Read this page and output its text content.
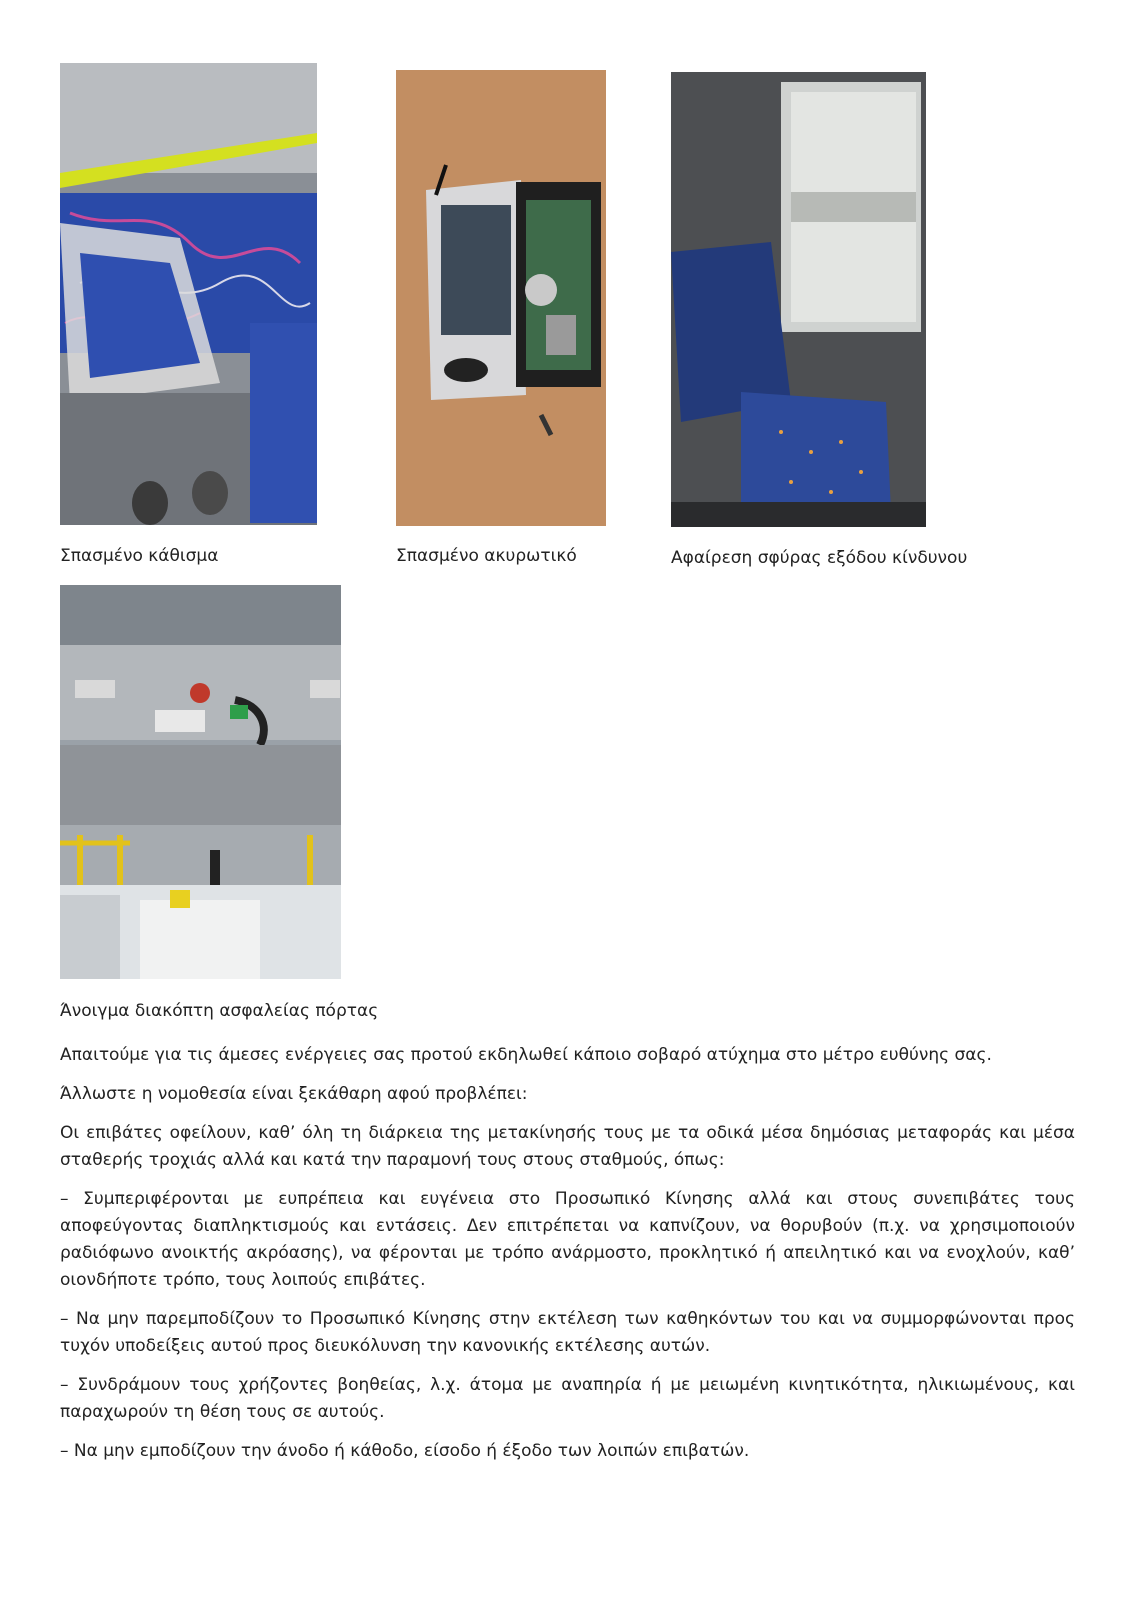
Σπασμένο κάθισμα	Σπασμένο ακυρωτικό	Αφαίρεση σφύρας εξόδου κίνδυνου
Άνοιγμα διακόπτη ασφαλείας πόρτας

Απαιτούμε για τις άμεσες ενέργειες σας προτού εκδηλωθεί κάποιο σοβαρό ατύχημα στο μέτρο ευθύνης σας.

Άλλωστε η νομοθεσία είναι ξεκάθαρη αφού προβλέπει:

Οι επιβάτες οφείλουν, καθ’ όλη τη διάρκεια της μετακίνησής τους με τα οδικά μέσα δημόσιας μεταφοράς και μέσα σταθερής τροχιάς αλλά και κατά την παραμονή τους στους σταθμούς, όπως:

– Συμπεριφέρονται με ευπρέπεια και ευγένεια στο Προσωπικό Κίνησης αλλά και στους συνεπιβάτες τους αποφεύγοντας διαπληκτισμούς και εντάσεις. Δεν επιτρέπεται να καπνίζουν, να θορυβούν (π.χ. να χρησιμοποιούν ραδιόφωνο ανοικτής ακρόασης), να φέρονται με τρόπο ανάρμοστο, προκλητικό ή απειλητικό και να ενοχλούν, καθ’ οιονδήποτε τρόπο, τους λοιπούς επιβάτες.

– Να μην παρεμποδίζουν το Προσωπικό Κίνησης στην εκτέλεση των καθηκόντων του και να συμμορφώνονται προς τυχόν υποδείξεις αυτού προς διευκόλυνση την κανονικής εκτέλεσης αυτών.

– Συνδράμουν τους χρήζοντες βοηθείας, λ.χ. άτομα με αναπηρία ή με μειωμένη κινητικότητα, ηλικιωμένους, και παραχωρούν τη θέση τους σε αυτούς.

– Να μην εμποδίζουν την άνοδο ή κάθοδο, είσοδο ή έξοδο των λοιπών επιβατών.
